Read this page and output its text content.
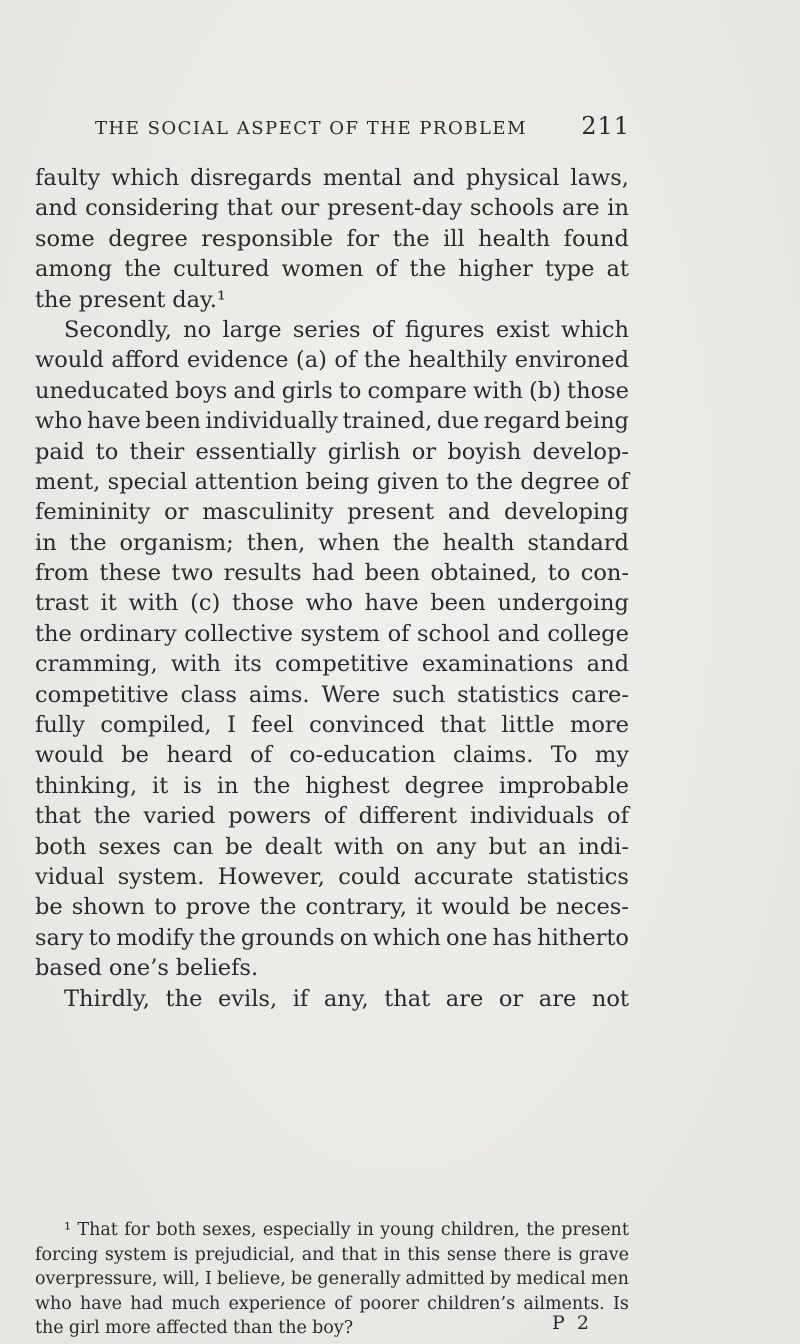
THE SOCIAL ASPECT OF THE PROBLEM 211
faulty which disregards mental and physical laws,
and considering that our present-day schools are in
some degree responsible for the ill health found
among the cultured women of the higher type at
the present day.¹
Secondly, no large series of figures exist which
would afford evidence (a) of the healthily environed
uneducated boys and girls to compare with (b) those
who have been individually trained, due regard being
paid to their essentially girlish or boyish develop-
ment, special attention being given to the degree of
femininity or masculinity present and developing
in the organism; then, when the health standard
from these two results had been obtained, to con-
trast it with (c) those who have been undergoing
the ordinary collective system of school and college
cramming, with its competitive examinations and
competitive class aims. Were such statistics care-
fully compiled, I feel convinced that little more
would be heard of co-education claims. To my
thinking, it is in the highest degree improbable
that the varied powers of different individuals of
both sexes can be dealt with on any but an indi-
vidual system. However, could accurate statistics
be shown to prove the contrary, it would be neces-
sary to modify the grounds on which one has hitherto
based one’s beliefs.
Thirdly, the evils, if any, that are or are not
¹ That for both sexes, especially in young children, the present
forcing system is prejudicial, and that in this sense there is grave
overpressure, will, I believe, be generally admitted by medical men
who have had much experience of poorer children’s ailments. Is
the girl more affected than the boy?	P 2
